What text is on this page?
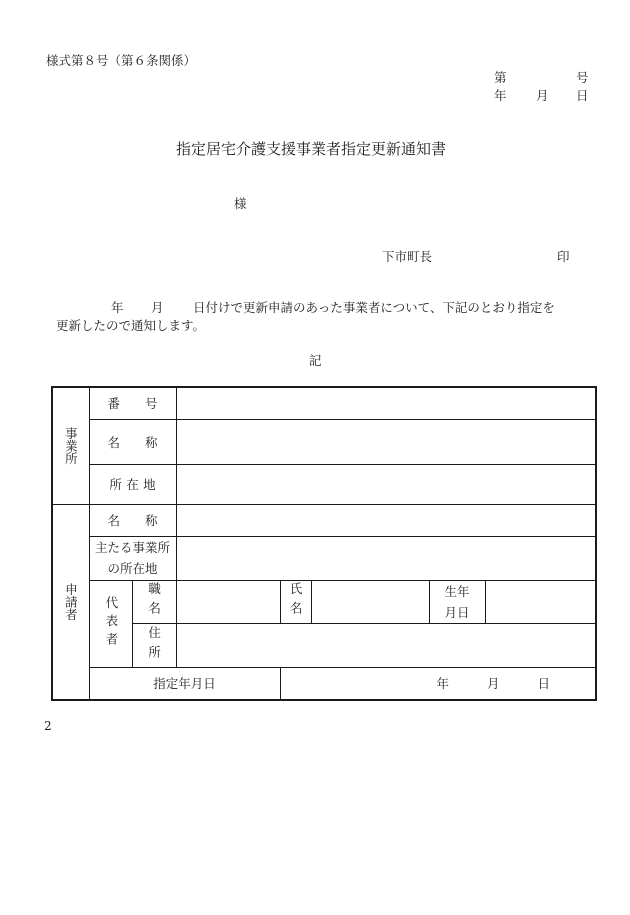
様式第８号（第６条関係）
第	号
年 月 日
指定居宅介護支援事業者指定更新通知書
様
下市町長	印
年 月 日付けで更新申請のあった事業者について、下記のとおり指定を
更新したので通知します。
記
事業所	番　　号						
	名　　称						
	所在地						

申請者	名　　称						

	主たる事業所
の所在地						

	代表者	職名		氏名		生年
月日	

		住所					

	指定年月日			年 月 日			
2
